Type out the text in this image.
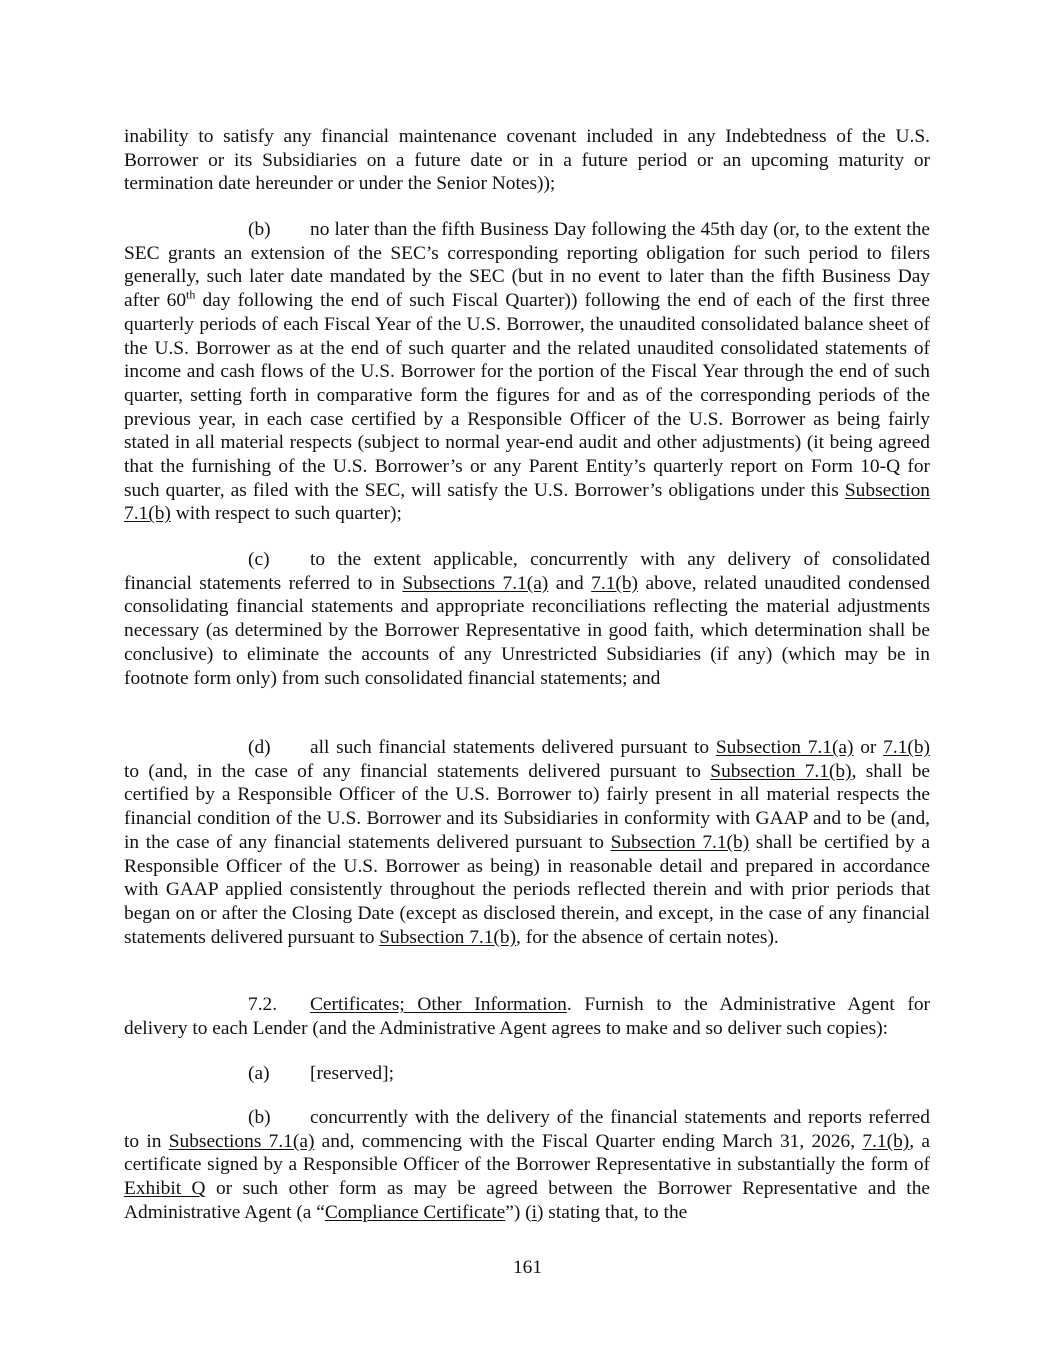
inability to satisfy any financial maintenance covenant included in any Indebtedness of the U.S. Borrower or its Subsidiaries on a future date or in a future period or an upcoming maturity or termination date hereunder or under the Senior Notes));

(b) no later than the fifth Business Day following the 45th day (or, to the extent the SEC grants an extension of the SEC’s corresponding reporting obligation for such period to filers generally, such later date mandated by the SEC (but in no event to later than the fifth Business Day after 60th day following the end of such Fiscal Quarter)) following the end of each of the first three quarterly periods of each Fiscal Year of the U.S. Borrower, the unaudited consolidated balance sheet of the U.S. Borrower as at the end of such quarter and the related unaudited consolidated statements of income and cash flows of the U.S. Borrower for the portion of the Fiscal Year through the end of such quarter, setting forth in comparative form the figures for and as of the corresponding periods of the previous year, in each case certified by a Responsible Officer of the U.S. Borrower as being fairly stated in all material respects (subject to normal year-end audit and other adjustments) (it being agreed that the furnishing of the U.S. Borrower’s or any Parent Entity’s quarterly report on Form 10-Q for such quarter, as filed with the SEC, will satisfy the U.S. Borrower’s obligations under this Subsection 7.1(b) with respect to such quarter);

(c) to the extent applicable, concurrently with any delivery of consolidated financial statements referred to in Subsections 7.1(a) and 7.1(b) above, related unaudited condensed consolidating financial statements and appropriate reconciliations reflecting the material adjustments necessary (as determined by the Borrower Representative in good faith, which determination shall be conclusive) to eliminate the accounts of any Unrestricted Subsidiaries (if any) (which may be in footnote form only) from such consolidated financial statements; and

(d) all such financial statements delivered pursuant to Subsection 7.1(a) or 7.1(b) to (and, in the case of any financial statements delivered pursuant to Subsection 7.1(b), shall be certified by a Responsible Officer of the U.S. Borrower to) fairly present in all material respects the financial condition of the U.S. Borrower and its Subsidiaries in conformity with GAAP and to be (and, in the case of any financial statements delivered pursuant to Subsection 7.1(b) shall be certified by a Responsible Officer of the U.S. Borrower as being) in reasonable detail and prepared in accordance with GAAP applied consistently throughout the periods reflected therein and with prior periods that began on or after the Closing Date (except as disclosed therein, and except, in the case of any financial statements delivered pursuant to Subsection 7.1(b), for the absence of certain notes).

7.2. Certificates; Other Information. Furnish to the Administrative Agent for delivery to each Lender (and the Administrative Agent agrees to make and so deliver such copies):

(a) [reserved];

(b) concurrently with the delivery of the financial statements and reports referred to in Subsections 7.1(a) and, commencing with the Fiscal Quarter ending March 31, 2026, 7.1(b), a certificate signed by a Responsible Officer of the Borrower Representative in substantially the form of Exhibit Q or such other form as may be agreed between the Borrower Representative and the Administrative Agent (a “Compliance Certificate”) (i) stating that, to the

161
